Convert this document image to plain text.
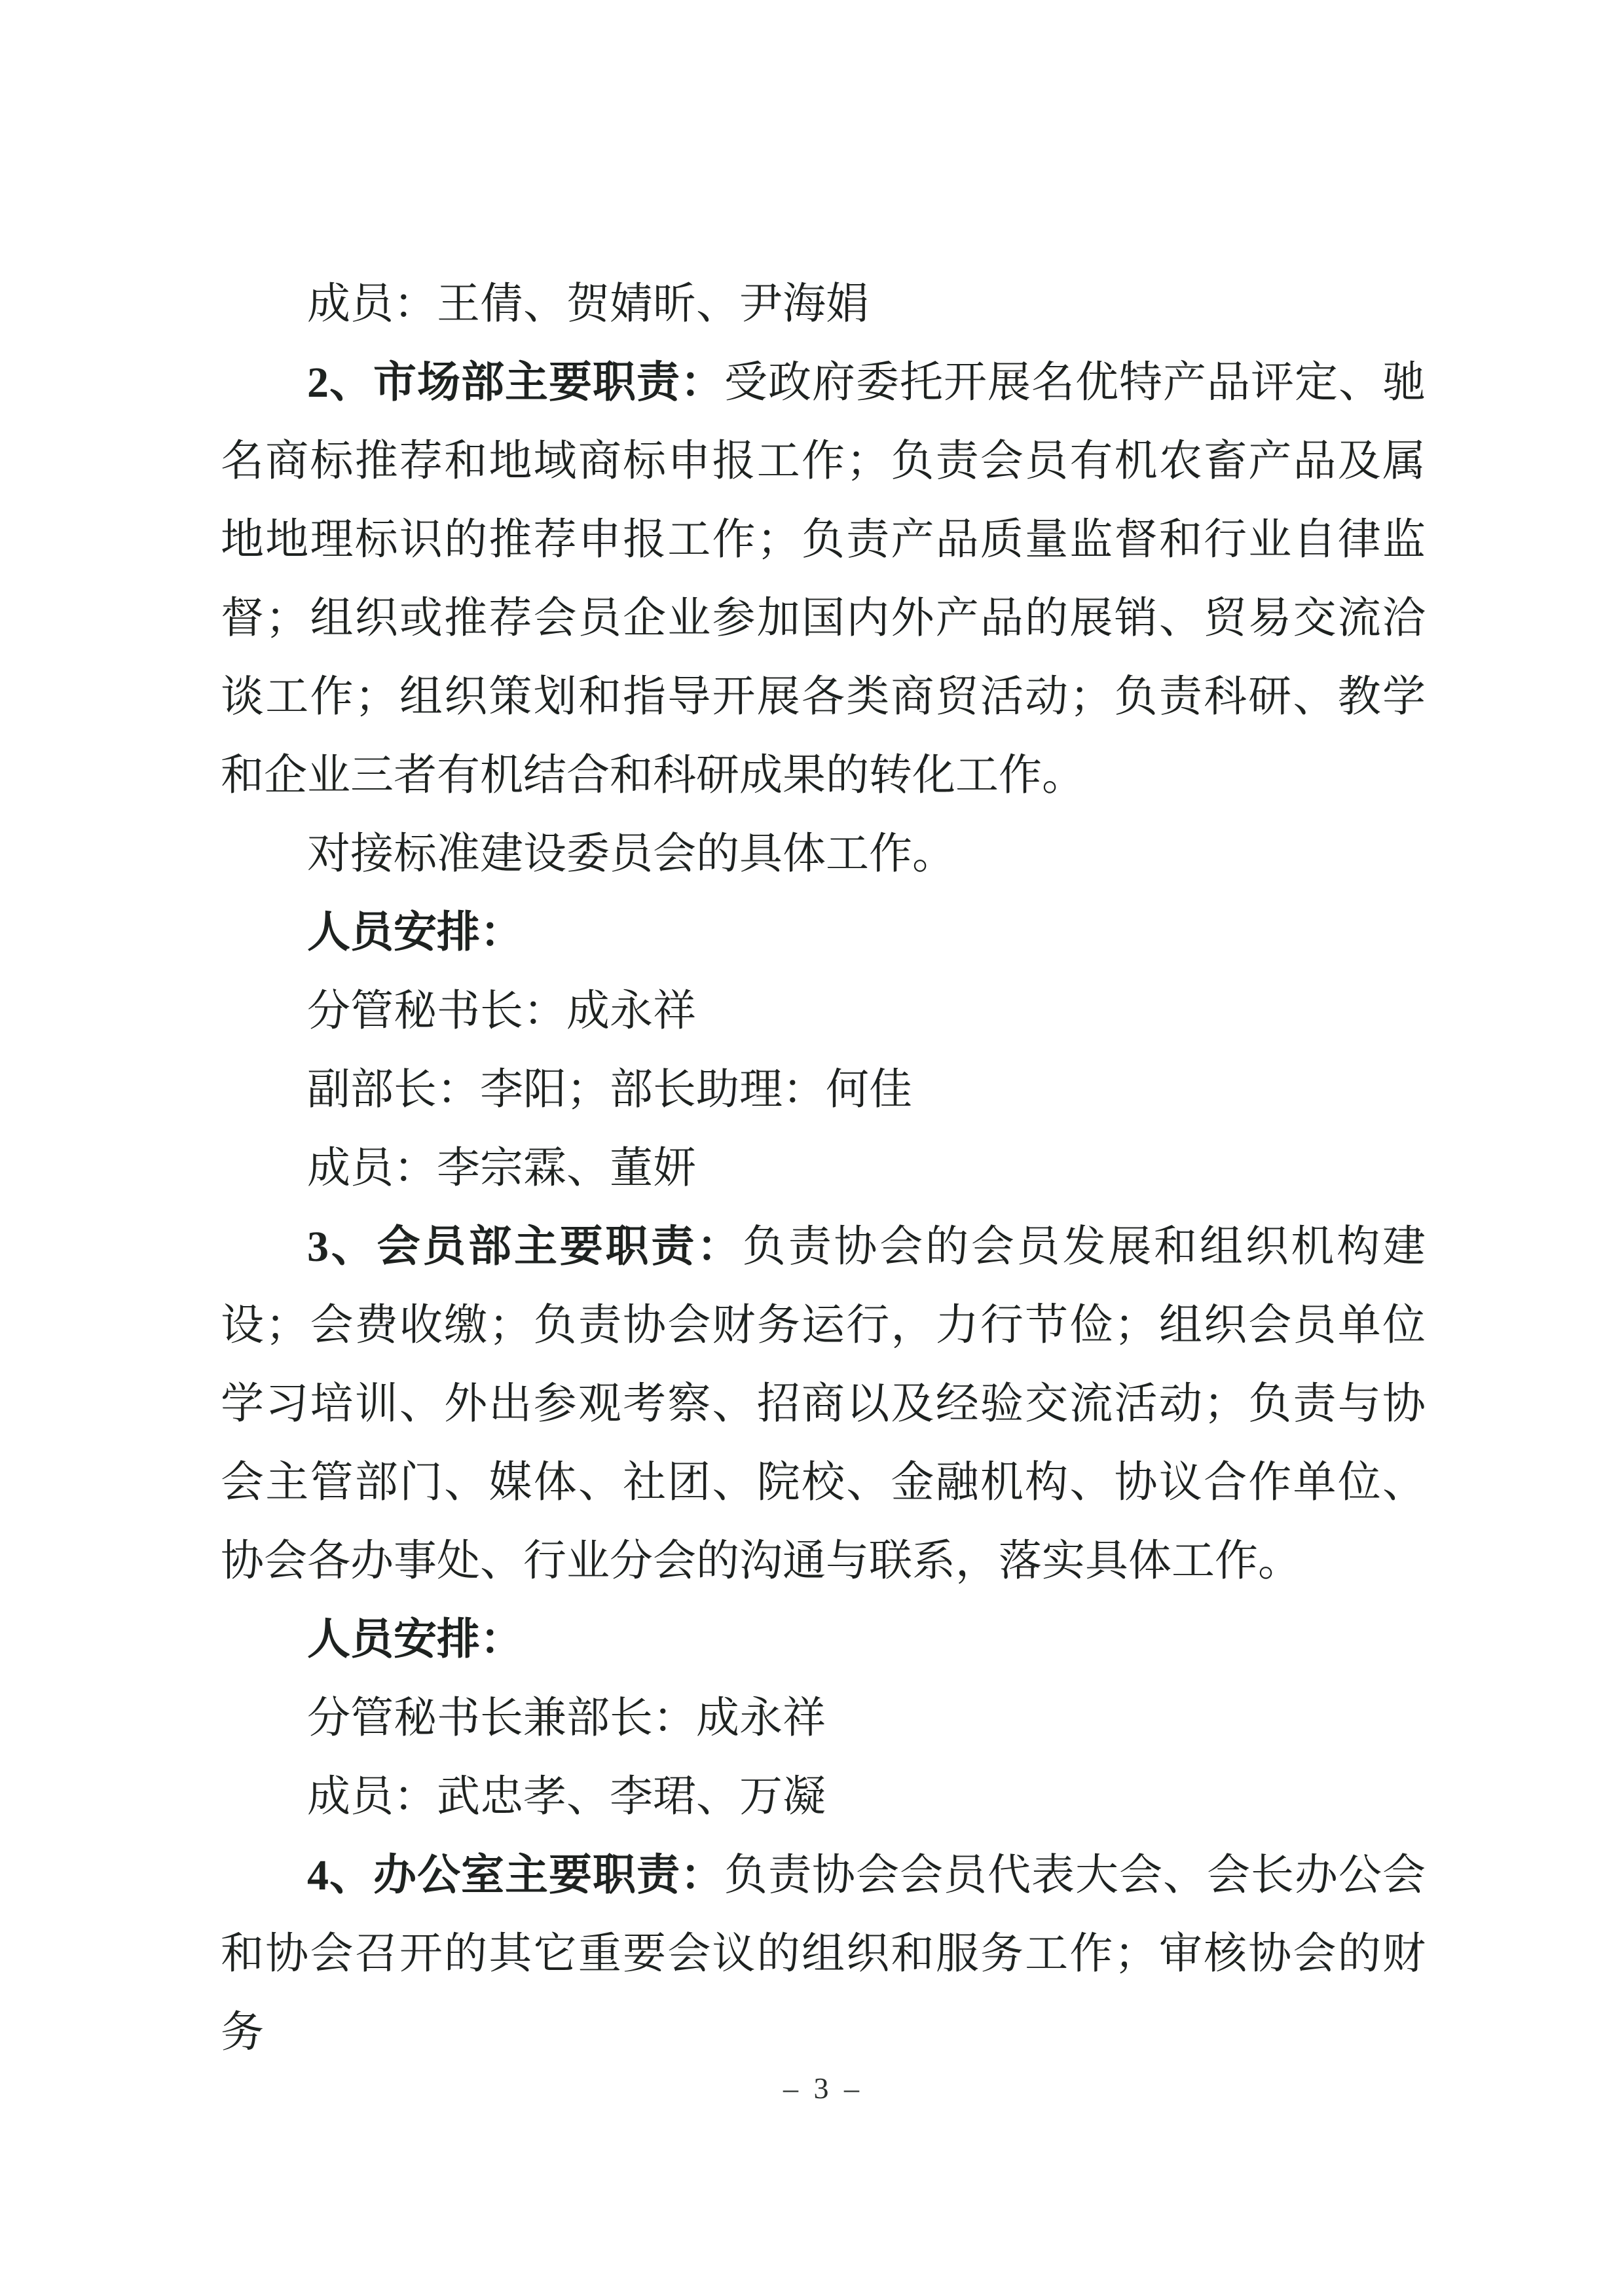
成员：王倩、贺婧昕、尹海娟

2、市场部主要职责：受政府委托开展名优特产品评定、驰名商标推荐和地域商标申报工作；负责会员有机农畜产品及属地地理标识的推荐申报工作；负责产品质量监督和行业自律监督；组织或推荐会员企业参加国内外产品的展销、贸易交流洽谈工作；组织策划和指导开展各类商贸活动；负责科研、教学和企业三者有机结合和科研成果的转化工作。

对接标准建设委员会的具体工作。

人员安排：

分管秘书长：成永祥

副部长：李阳；部长助理：何佳

成员：李宗霖、董妍

3、会员部主要职责：负责协会的会员发展和组织机构建设；会费收缴；负责协会财务运行，力行节俭；组织会员单位学习培训、外出参观考察、招商以及经验交流活动；负责与协会主管部门、媒体、社团、院校、金融机构、协议合作单位、协会各办事处、行业分会的沟通与联系，落实具体工作。

人员安排：

分管秘书长兼部长：成永祥

成员：武忠孝、李珺、万凝

4、办公室主要职责：负责协会会员代表大会、会长办公会和协会召开的其它重要会议的组织和服务工作；审核协会的财务

– 3 –
